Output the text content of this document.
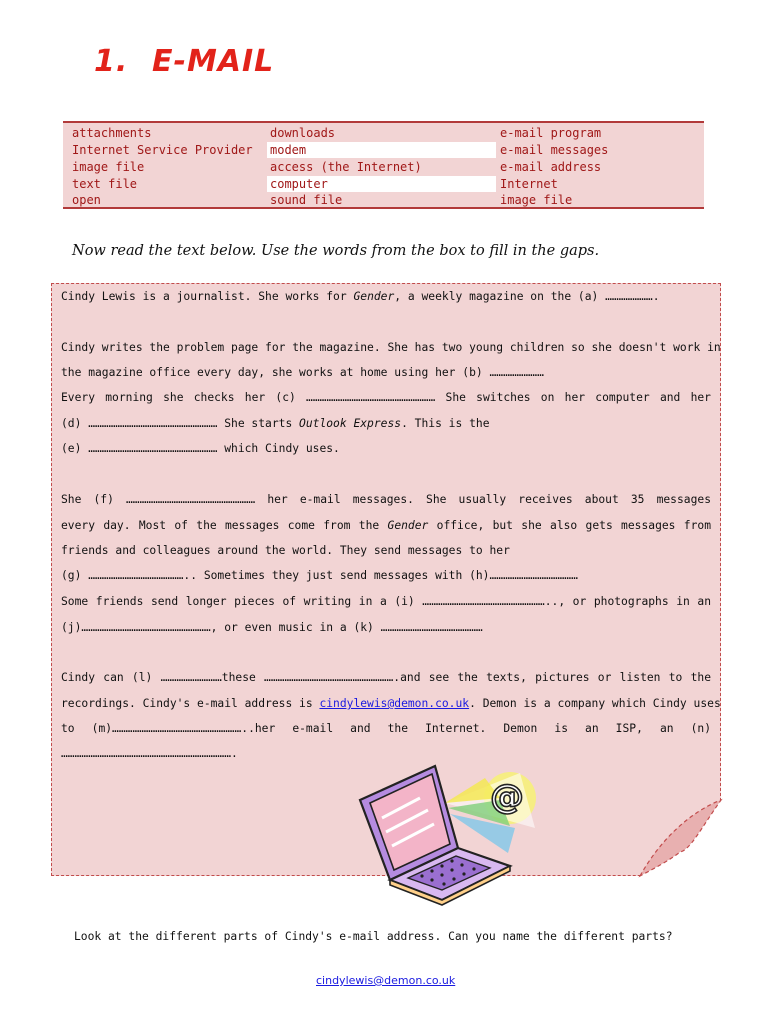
1. E-MAIL
attachments
Internet Service Provider
image file
text file
open
downloads
modem
access (the Internet)
computer
sound file
e-mail program
e-mail messages
e-mail address
Internet
image file
Now read the text below. Use the words from the box to fill in the gaps.
Cindy Lewis is a journalist. She works for Gender, a weekly magazine on the (a) ………………….
Cindy writes the problem page for the magazine. She has two young children so she doesn't work in
the magazine office every day, she works at home using her (b) ……………………
Every morning she checks her (c) ………………………………………………… She switches on her computer and her
(d) ………………………………………………… She starts Outlook Express. This is the
(e) ………………………………………………… which Cindy uses.
She (f) ………………………………………………… her e-mail messages. She usually receives about 35 messages
every day. Most of the messages come from the Gender office, but she also gets messages from
friends and colleagues around the world. They send messages to her
(g) …………………………………….. Sometimes they just send messages with (h)…………………………………
Some friends send longer pieces of writing in a (i) ……………………………………………….., or photographs in an
(j)…………………………………………………, or even music in a (k) ………………………………………
Cindy can (l) ………………………these ………………………………………………….and see the texts, pictures or listen to the
recordings. Cindy's e-mail address is cindylewis@demon.co.uk. Demon is a company which Cindy uses
to (m)…………………………………………………..her e-mail and the Internet. Demon is an ISP, an (n)
………………………………………………………………….
@
Look at the different parts of Cindy's e-mail address. Can you name the different parts?
cindylewis@demon.co.uk
